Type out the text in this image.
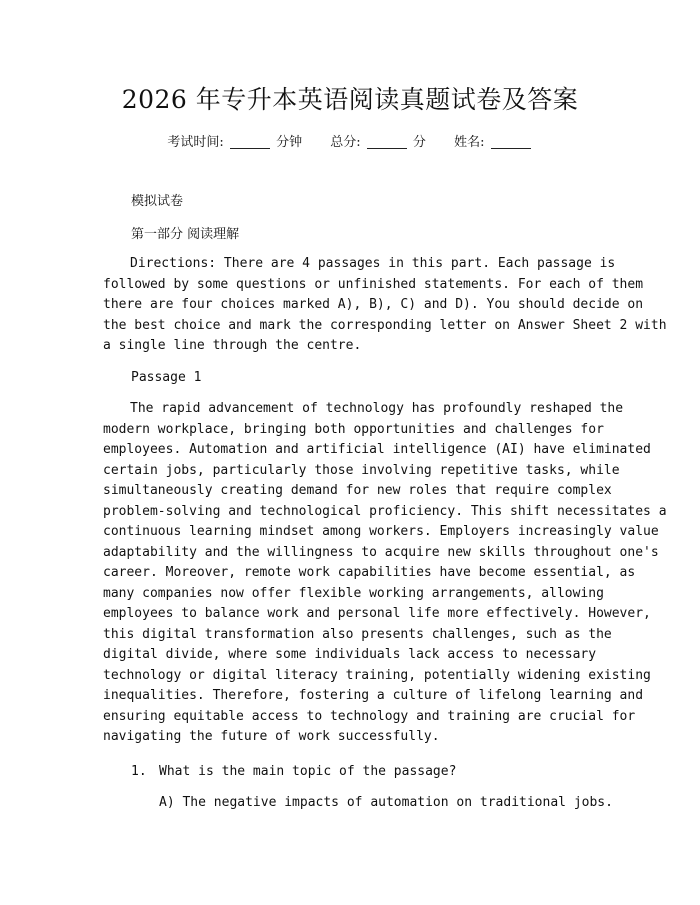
2026 年专升本英语阅读真题试卷及答案
考试时间:	分钟 总分:	分 姓名:
模拟试卷
第一部分 阅读理解
Directions: There are 4 passages in this part. Each passage is
followed by some questions or unfinished statements. For each of them
there are four choices marked A), B), C) and D). You should decide on
the best choice and mark the corresponding letter on Answer Sheet 2 with
a single line through the centre.
Passage 1
The rapid advancement of technology has profoundly reshaped the
modern workplace, bringing both opportunities and challenges for
employees. Automation and artificial intelligence (AI) have eliminated
certain jobs, particularly those involving repetitive tasks, while
simultaneously creating demand for new roles that require complex
problem-solving and technological proficiency. This shift necessitates a
continuous learning mindset among workers. Employers increasingly value
adaptability and the willingness to acquire new skills throughout one's
career. Moreover, remote work capabilities have become essential, as
many companies now offer flexible working arrangements, allowing
employees to balance work and personal life more effectively. However,
this digital transformation also presents challenges, such as the
digital divide, where some individuals lack access to necessary
technology or digital literacy training, potentially widening existing
inequalities. Therefore, fostering a culture of lifelong learning and
ensuring equitable access to technology and training are crucial for
navigating the future of work successfully.
1. What is the main topic of the passage?
A) The negative impacts of automation on traditional jobs.
